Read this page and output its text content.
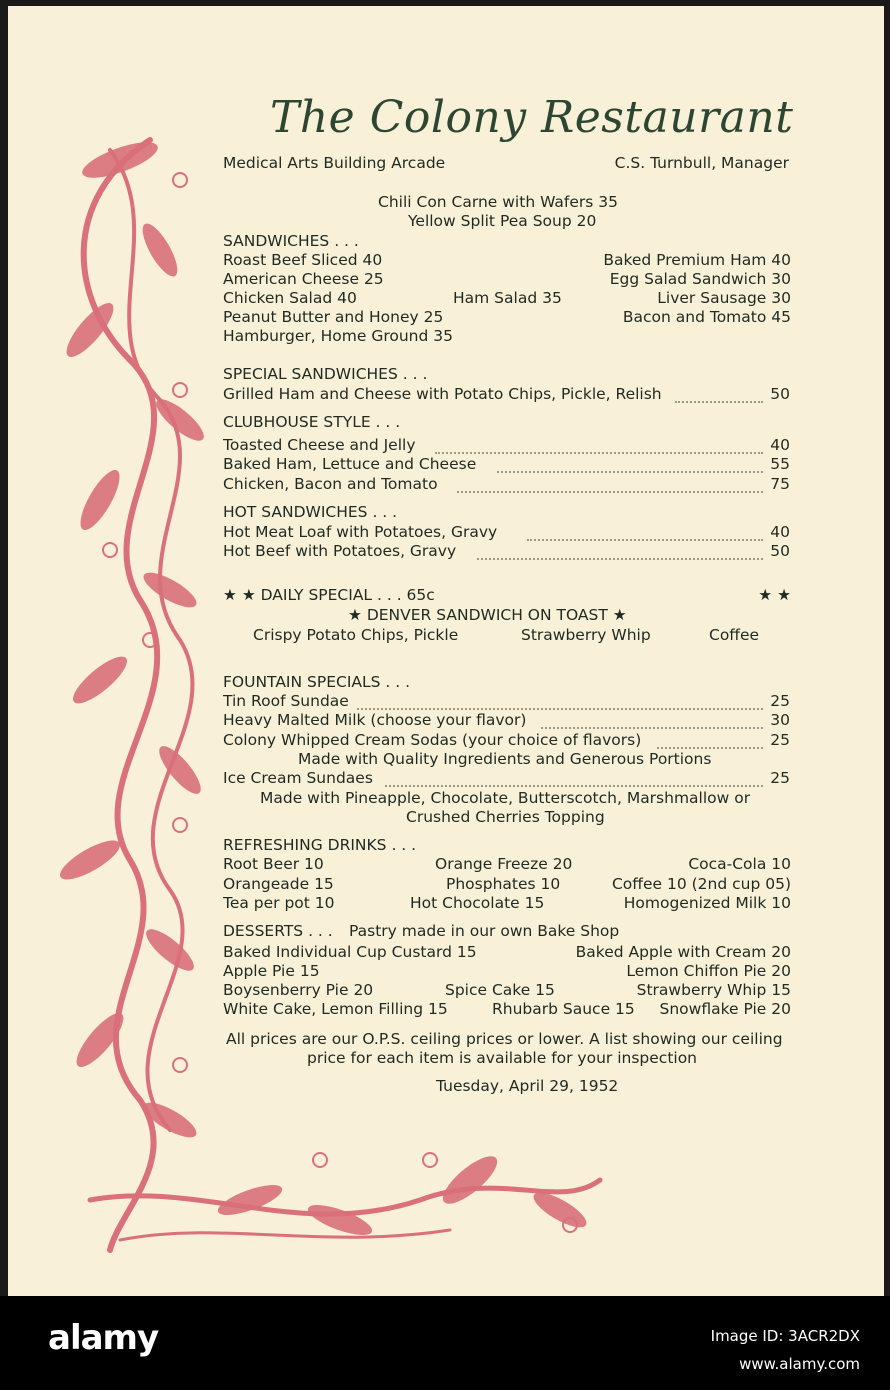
The Colony Restaurant
Medical Arts Building Arcade	C.S. Turnbull, Manager
Chili Con Carne with Wafers 35
Yellow Split Pea Soup 20
SANDWICHES . . .
Roast Beef Sliced 40	Baked Premium Ham 40
American Cheese 25	Egg Salad Sandwich 30
Chicken Salad 40	Ham Salad 35	Liver Sausage 30
Peanut Butter and Honey 25	Bacon and Tomato 45
Hamburger, Home Ground 35
SPECIAL SANDWICHES . . .
Grilled Ham and Cheese with Potato Chips, Pickle, Relish	50
CLUBHOUSE STYLE . . .
Toasted Cheese and Jelly	40
Baked Ham, Lettuce and Cheese	55
Chicken, Bacon and Tomato	75
HOT SANDWICHES . . .
Hot Meat Loaf with Potatoes, Gravy	40
Hot Beef with Potatoes, Gravy	50
★ ★ DAILY SPECIAL . . . 65c	★ ★
★ DENVER SANDWICH ON TOAST ★
Crispy Potato Chips, Pickle	Strawberry Whip	Coffee
FOUNTAIN SPECIALS . . .
Tin Roof Sundae	25
Heavy Malted Milk (choose your flavor)	30
Colony Whipped Cream Sodas (your choice of flavors)	25
Made with Quality Ingredients and Generous Portions
Ice Cream Sundaes	25
Made with Pineapple, Chocolate, Butterscotch, Marshmallow or
Crushed Cherries Topping
REFRESHING DRINKS . . .
Root Beer 10	Orange Freeze 20	Coca-Cola 10
Orangeade 15	Phosphates 10	Coffee 10 (2nd cup 05)
Tea per pot 10	Hot Chocolate 15	Homogenized Milk 10
DESSERTS . . . Pastry made in our own Bake Shop
Baked Individual Cup Custard 15	Baked Apple with Cream 20
Apple Pie 15	Lemon Chiffon Pie 20
Boysenberry Pie 20	Spice Cake 15	Strawberry Whip 15
White Cake, Lemon Filling 15	Rhubarb Sauce 15 Snowflake Pie 20
All prices are our O.P.S. ceiling prices or lower. A list showing our ceiling
price for each item is available for your inspection
Tuesday, April 29, 1952
alamy	Image ID: 3ACR2DX
www.alamy.com
